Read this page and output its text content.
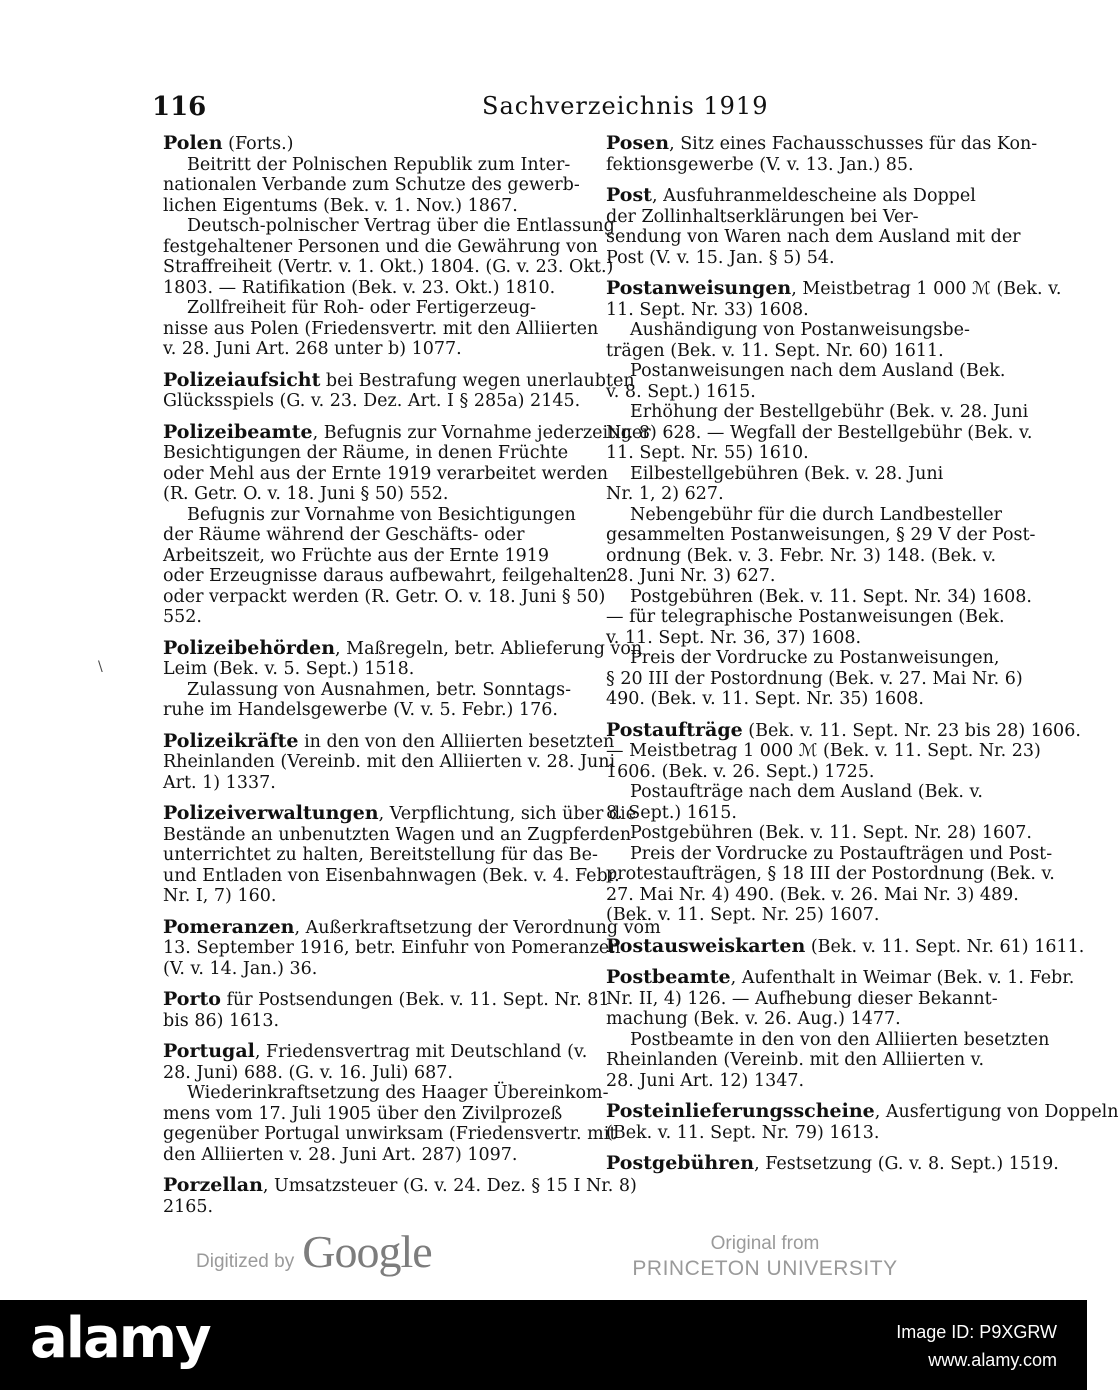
116	Sachverzeichnis 1919
Polen (Forts.)
Beitritt der Polnischen Republik zum Inter-
nationalen Verbande zum Schutze des gewerb-
lichen Eigentums (Bek. v. 1. Nov.) 1867.
Deutsch-polnischer Vertrag über die Entlassung
festgehaltener Personen und die Gewährung von
Straffreiheit (Vertr. v. 1. Okt.) 1804. (G. v. 23. Okt.)
1803. — Ratifikation (Bek. v. 23. Okt.) 1810.
Zollfreiheit für Roh- oder Fertigerzeug-
nisse aus Polen (Friedensvertr. mit den Alliierten
v. 28. Juni Art. 268 unter b) 1077.
Polizeiaufsicht bei Bestrafung wegen unerlaubten
Glücksspiels (G. v. 23. Dez. Art. I § 285a) 2145.
Polizeibeamte, Befugnis zur Vornahme jederzeitiger
Besichtigungen der Räume, in denen Früchte
oder Mehl aus der Ernte 1919 verarbeitet werden
(R. Getr. O. v. 18. Juni § 50) 552.
Befugnis zur Vornahme von Besichtigungen
der Räume während der Geschäfts- oder
Arbeitszeit, wo Früchte aus der Ernte 1919
oder Erzeugnisse daraus aufbewahrt, feilgehalten
oder verpackt werden (R. Getr. O. v. 18. Juni § 50)
552.
Polizeibehörden, Maßregeln, betr. Ablieferung von
Leim (Bek. v. 5. Sept.) 1518.
Zulassung von Ausnahmen, betr. Sonntags-
ruhe im Handelsgewerbe (V. v. 5. Febr.) 176.
Polizeikräfte in den von den Alliierten besetzten
Rheinlanden (Vereinb. mit den Alliierten v. 28. Juni
Art. 1) 1337.
Polizeiverwaltungen, Verpflichtung, sich über die
Bestände an unbenutzten Wagen und an Zugpferden
unterrichtet zu halten, Bereitstellung für das Be-
und Entladen von Eisenbahnwagen (Bek. v. 4. Febr.
Nr. I, 7) 160.
Pomeranzen, Außerkraftsetzung der Verordnung vom
13. September 1916, betr. Einfuhr von Pomeranzen
(V. v. 14. Jan.) 36.
Porto für Postsendungen (Bek. v. 11. Sept. Nr. 81
bis 86) 1613.
Portugal, Friedensvertrag mit Deutschland (v.
28. Juni) 688. (G. v. 16. Juli) 687.
Wiederinkraftsetzung des Haager Übereinkom-
mens vom 17. Juli 1905 über den Zivilprozeß
gegenüber Portugal unwirksam (Friedensvertr. mit
den Alliierten v. 28. Juni Art. 287) 1097.
Porzellan, Umsatzsteuer (G. v. 24. Dez. § 15 I Nr. 8)
2165.
Posen, Sitz eines Fachausschusses für das Kon-
fektionsgewerbe (V. v. 13. Jan.) 85.
Post, Ausfuhranmeldescheine als Doppel
der Zollinhaltserklärungen bei Ver-
sendung von Waren nach dem Ausland mit der
Post (V. v. 15. Jan. § 5) 54.
Postanweisungen, Meistbetrag 1 000 ℳ (Bek. v.
11. Sept. Nr. 33) 1608.
Aushändigung von Postanweisungsbe-
trägen (Bek. v. 11. Sept. Nr. 60) 1611.
Postanweisungen nach dem Ausland (Bek.
v. 8. Sept.) 1615.
Erhöhung der Bestellgebühr (Bek. v. 28. Juni
Nr. 8) 628. — Wegfall der Bestellgebühr (Bek. v.
11. Sept. Nr. 55) 1610.
Eilbestellgebühren (Bek. v. 28. Juni
Nr. 1, 2) 627.
Nebengebühr für die durch Landbesteller
gesammelten Postanweisungen, § 29 V der Post-
ordnung (Bek. v. 3. Febr. Nr. 3) 148. (Bek. v.
28. Juni Nr. 3) 627.
Postgebühren (Bek. v. 11. Sept. Nr. 34) 1608.
— für telegraphische Postanweisungen (Bek.
v. 11. Sept. Nr. 36, 37) 1608.
Preis der Vordrucke zu Postanweisungen,
§ 20 III der Postordnung (Bek. v. 27. Mai Nr. 6)
490. (Bek. v. 11. Sept. Nr. 35) 1608.
Postaufträge (Bek. v. 11. Sept. Nr. 23 bis 28) 1606.
— Meistbetrag 1 000 ℳ (Bek. v. 11. Sept. Nr. 23)
1606. (Bek. v. 26. Sept.) 1725.
Postaufträge nach dem Ausland (Bek. v.
8. Sept.) 1615.
Postgebühren (Bek. v. 11. Sept. Nr. 28) 1607.
Preis der Vordrucke zu Postaufträgen und Post-
protestaufträgen, § 18 III der Postordnung (Bek. v.
27. Mai Nr. 4) 490. (Bek. v. 26. Mai Nr. 3) 489.
(Bek. v. 11. Sept. Nr. 25) 1607.
Postausweiskarten (Bek. v. 11. Sept. Nr. 61) 1611.
Postbeamte, Aufenthalt in Weimar (Bek. v. 1. Febr.
Nr. II, 4) 126. — Aufhebung dieser Bekannt-
machung (Bek. v. 26. Aug.) 1477.
Postbeamte in den von den Alliierten besetzten
Rheinlanden (Vereinb. mit den Alliierten v.
28. Juni Art. 12) 1347.
Posteinlieferungsscheine, Ausfertigung von Doppeln
(Bek. v. 11. Sept. Nr. 79) 1613.
Postgebühren, Festsetzung (G. v. 8. Sept.) 1519.
\
Digitized by Google	Original from
PRINCETON UNIVERSITY
alamy	Image ID: P9XGRW
www.alamy.com
